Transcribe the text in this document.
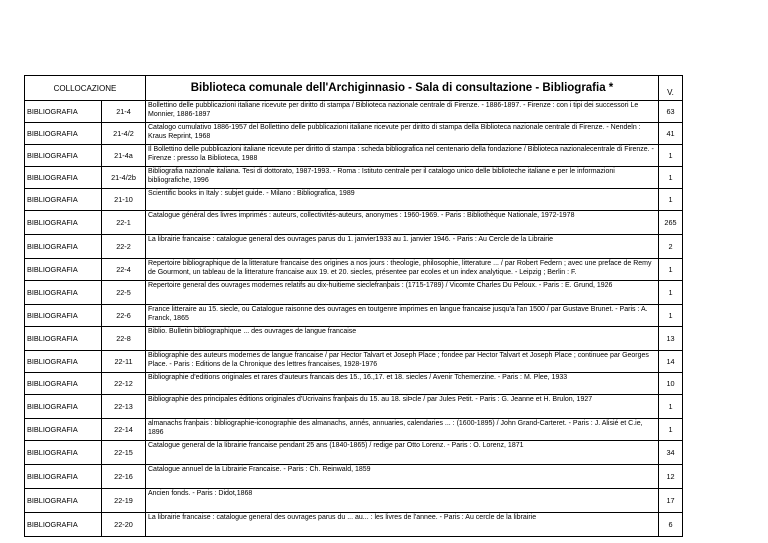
COLLOCAZIONE		Biblioteca comunale dell'Archiginnasio - Sala di consultazione - Bibliografia *	V.
BIBLIOGRAFIA	21-4	Bollettino delle pubblicazioni italiane ricevute per diritto di stampa / Biblioteca nazionale centrale di Firenze. - 1886-1897. - Firenze : con i tipi dei successori Le Monnier, 1886-1897	63
BIBLIOGRAFIA	21-4/2	Catalogo cumulativo 1886-1957 del Bollettino delle pubblicazioni italiane ricevute per diritto di stampa della Biblioteca nazionale centrale di Firenze. - Nendeln : Kraus Reprint, 1968	41
BIBLIOGRAFIA	21-4a	Il Bollettino delle pubblicazioni italiane ricevute per diritto di stampa : scheda bibliografica nel centenario della fondazione / Biblioteca nazionalecentrale di Firenze. - Firenze : presso la Biblioteca, 1988	1
BIBLIOGRAFIA	21-4/2b	Bibliografia nazionale italiana. Tesi di dottorato, 1987-1993. - Roma : Istituto centrale per il catalogo unico delle biblioteche italiane e per le informazioni bibliografiche, 1996	1
BIBLIOGRAFIA	21-10	Scientific books in Italy : subjet guide. - Milano : Bibliografica, 1989	1
BIBLIOGRAFIA	22-1	Catalogue général des livres imprimés : auteurs, collectivités-auteurs, anonymes : 1960-1969. - Paris : Bibliothèque Nationale, 1972-1978	265
BIBLIOGRAFIA	22-2	La librairie francaise : catalogue general des ouvrages parus du 1. janvier1933 au 1. janvier 1946. - Paris : Au Cercle de la Librairie	2
BIBLIOGRAFIA	22-4	Repertoire bibliographique de la litterature francaise des origines a nos jours : theologie, philosophie, litterature ... / par Robert Federn ; avec une preface de Remy de Gourmont, un tableau de la litterature francaise aux 19. et 20. siecles, présentee par ecoles et un index analytique. - Leipzig ; Berlin : F.	1
BIBLIOGRAFIA	22-5	Repertoire general des ouvrages modernes relatifs au dix-huitieme sieclefranþais : (1715-1789) / Vicomte Charles Du Peloux. - Paris : E. Grund, 1926	1
BIBLIOGRAFIA	22-6	France litteraire au 15. siecle, ou Catalogue raisonne des ouvrages en toutgenre imprimes en langue francaise jusqu'a l'an 1500 / par Gustave Brunet. - Paris : A. Franck, 1865	1
BIBLIOGRAFIA	22-8	Biblio. Bulletin bibliographique ... des ouvrages de langue francaise	13
BIBLIOGRAFIA	22-11	Bibliographie des auteurs modernes de langue francaise / par Hector Talvart et Joseph Place ; fondee par Hector Talvart et Joseph Place ; continuee par Georges Place. - Paris : Editions de la Chronique des lettres francaises, 1928-1976	14
BIBLIOGRAFIA	22-12	Bibliographie d'editions originales et rares d'auteurs francais des 15., 16.,17. et 18. siecles / Avenir Tchemerzine. - Paris : M. Plee, 1933	10
BIBLIOGRAFIA	22-13	Bibliographie des principales éditions originales d'Ucrivains franþais du 15. au 18. siÞcle / par Jules Petit. - Paris : G. Jeanne et H. Brulon, 1927	1
BIBLIOGRAFIA	22-14	almanachs franþais : bibliographie-iconographie des almanachs, annés, annuaries, calendaries ... : (1600-1895) / John Grand-Carteret. - Paris : J. Alisié et C.ie, 1896	1
BIBLIOGRAFIA	22-15	Catalogue general de la librairie francaise pendant 25 ans (1840-1865) / redige par Otto Lorenz. - Paris : O. Lorenz, 1871	34
BIBLIOGRAFIA	22-16	Catalogue annuel de la Librairie Francaise. - Paris : Ch. Reinwald, 1859	12
BIBLIOGRAFIA	22-19	Ancien fonds. - Paris : Didot,1868	17
BIBLIOGRAFIA	22-20	La librairie francaise : catalogue general des ouvrages parus du ... au... : les livres de l'annee. - Paris : Au cercle de la librairie	6
